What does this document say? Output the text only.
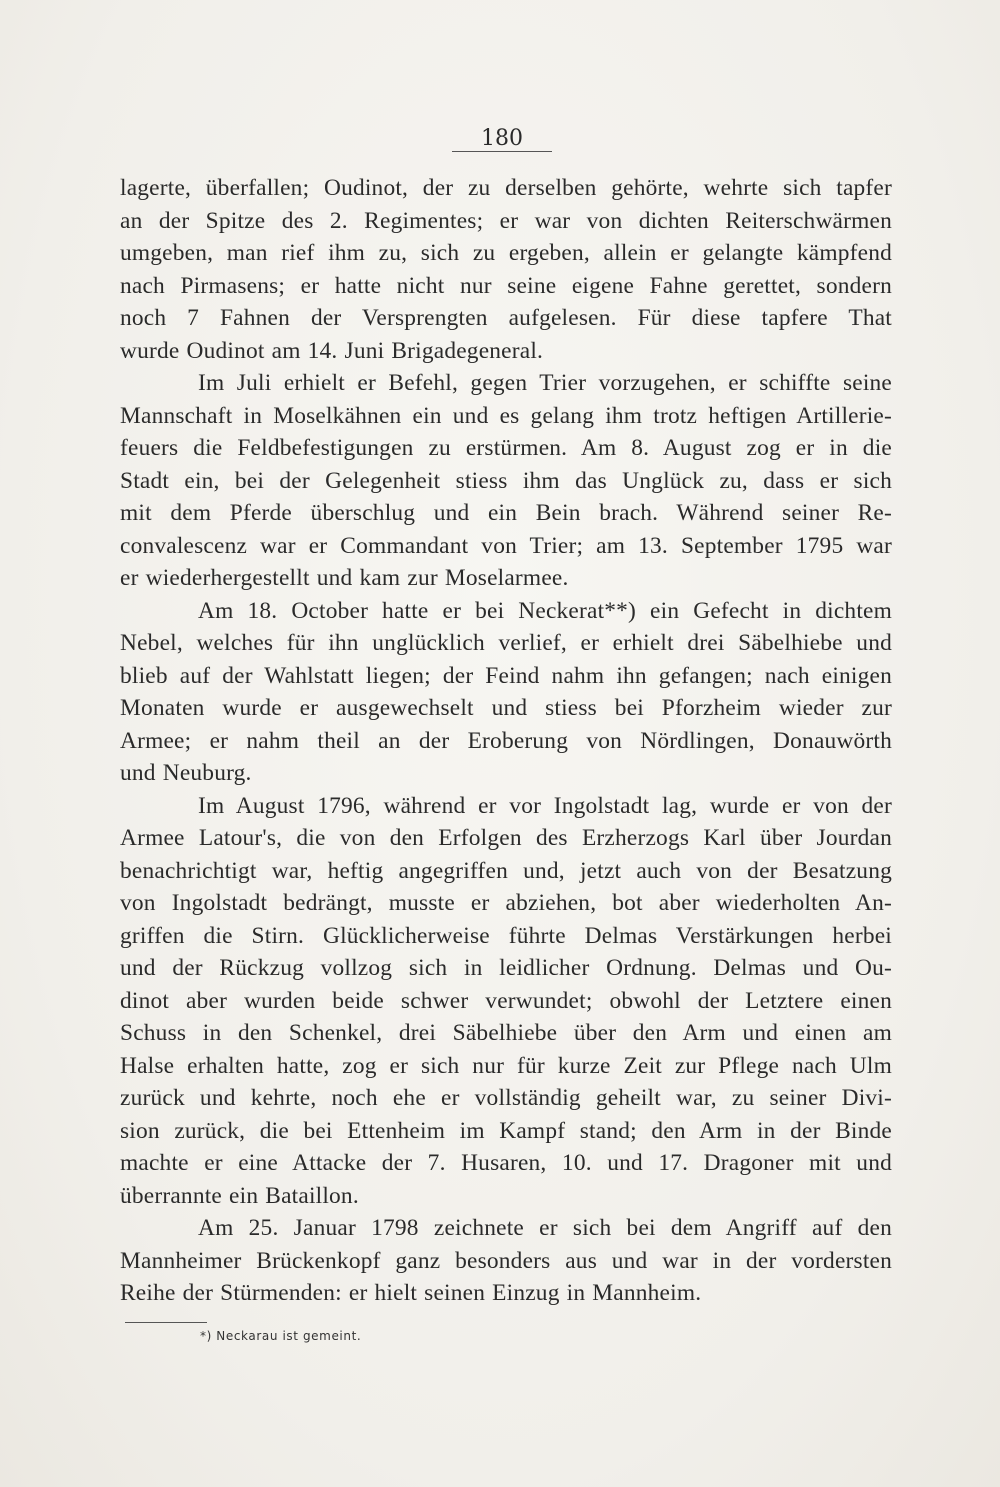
180
lagerte, überfallen; Oudinot, der zu derselben gehörte, wehrte sich tapfer
an der Spitze des 2. Regimentes; er war von dichten Reiterschwärmen
umgeben, man rief ihm zu, sich zu ergeben, allein er gelangte kämpfend
nach Pirmasens; er hatte nicht nur seine eigene Fahne gerettet, sondern
noch 7 Fahnen der Versprengten aufgelesen. Für diese tapfere That
wurde Oudinot am 14. Juni Brigadegeneral.
Im Juli erhielt er Befehl, gegen Trier vorzugehen, er schiffte seine
Mannschaft in Moselkähnen ein und es gelang ihm trotz heftigen Artillerie-
feuers die Feldbefestigungen zu erstürmen. Am 8. August zog er in die
Stadt ein, bei der Gelegenheit stiess ihm das Unglück zu, dass er sich
mit dem Pferde überschlug und ein Bein brach. Während seiner Re-
convalescenz war er Commandant von Trier; am 13. September 1795 war
er wiederhergestellt und kam zur Moselarmee.
Am 18. October hatte er bei Neckerat**) ein Gefecht in dichtem
Nebel, welches für ihn unglücklich verlief, er erhielt drei Säbelhiebe und
blieb auf der Wahlstatt liegen; der Feind nahm ihn gefangen; nach einigen
Monaten wurde er ausgewechselt und stiess bei Pforzheim wieder zur
Armee; er nahm theil an der Eroberung von Nördlingen, Donauwörth
und Neuburg.
Im August 1796, während er vor Ingolstadt lag, wurde er von der
Armee Latour's, die von den Erfolgen des Erzherzogs Karl über Jourdan
benachrichtigt war, heftig angegriffen und, jetzt auch von der Besatzung
von Ingolstadt bedrängt, musste er abziehen, bot aber wiederholten An-
griffen die Stirn. Glücklicherweise führte Delmas Verstärkungen herbei
und der Rückzug vollzog sich in leidlicher Ordnung. Delmas und Ou-
dinot aber wurden beide schwer verwundet; obwohl der Letztere einen
Schuss in den Schenkel, drei Säbelhiebe über den Arm und einen am
Halse erhalten hatte, zog er sich nur für kurze Zeit zur Pflege nach Ulm
zurück und kehrte, noch ehe er vollständig geheilt war, zu seiner Divi-
sion zurück, die bei Ettenheim im Kampf stand; den Arm in der Binde
machte er eine Attacke der 7. Husaren, 10. und 17. Dragoner mit und
überrannte ein Bataillon.
Am 25. Januar 1798 zeichnete er sich bei dem Angriff auf den
Mannheimer Brückenkopf ganz besonders aus und war in der vordersten
Reihe der Stürmenden: er hielt seinen Einzug in Mannheim.
*) Neckarau ist gemeint.
